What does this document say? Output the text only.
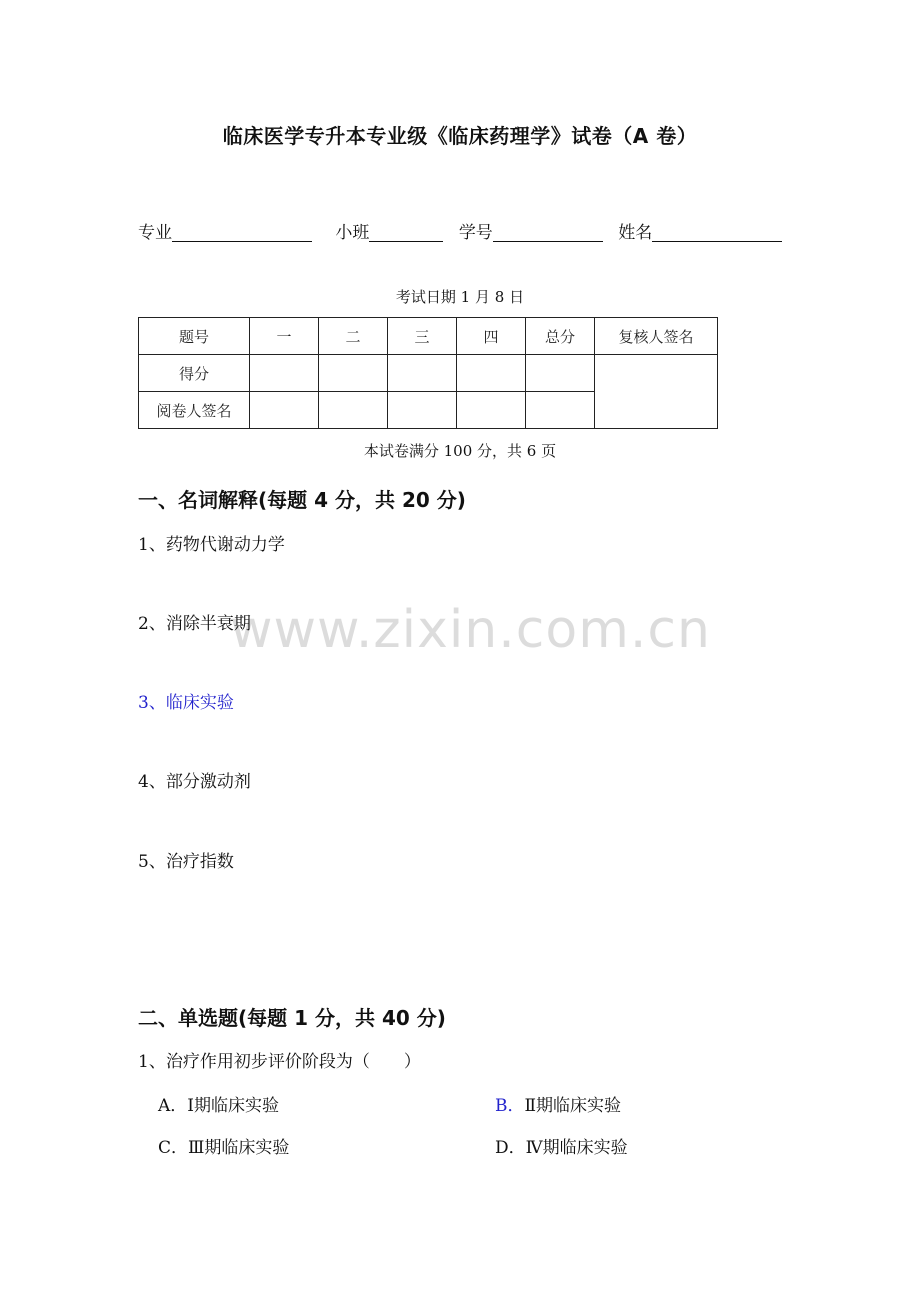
www.zixin.com.cn
临床医学专升本专业级《临床药理学》试卷（A 卷）
专业	小班	学号	姓名
考试日期 1 月 8 日
题号	一	二	三	四	总分	复核人签名
得分						
阅卷人签名						
本试卷满分 100 分，共 6 页
一、名词解释(每题 4 分，共 20 分)
1、药物代谢动力学
2、消除半衰期
3、临床实验
4、部分激动剂
5、治疗指数
二、单选题(每题 1 分，共 40 分)
1、治疗作用初步评价阶段为（　　）
A．Ⅰ期临床实验	B．Ⅱ期临床实验
C．Ⅲ期临床实验	D．Ⅳ期临床实验
